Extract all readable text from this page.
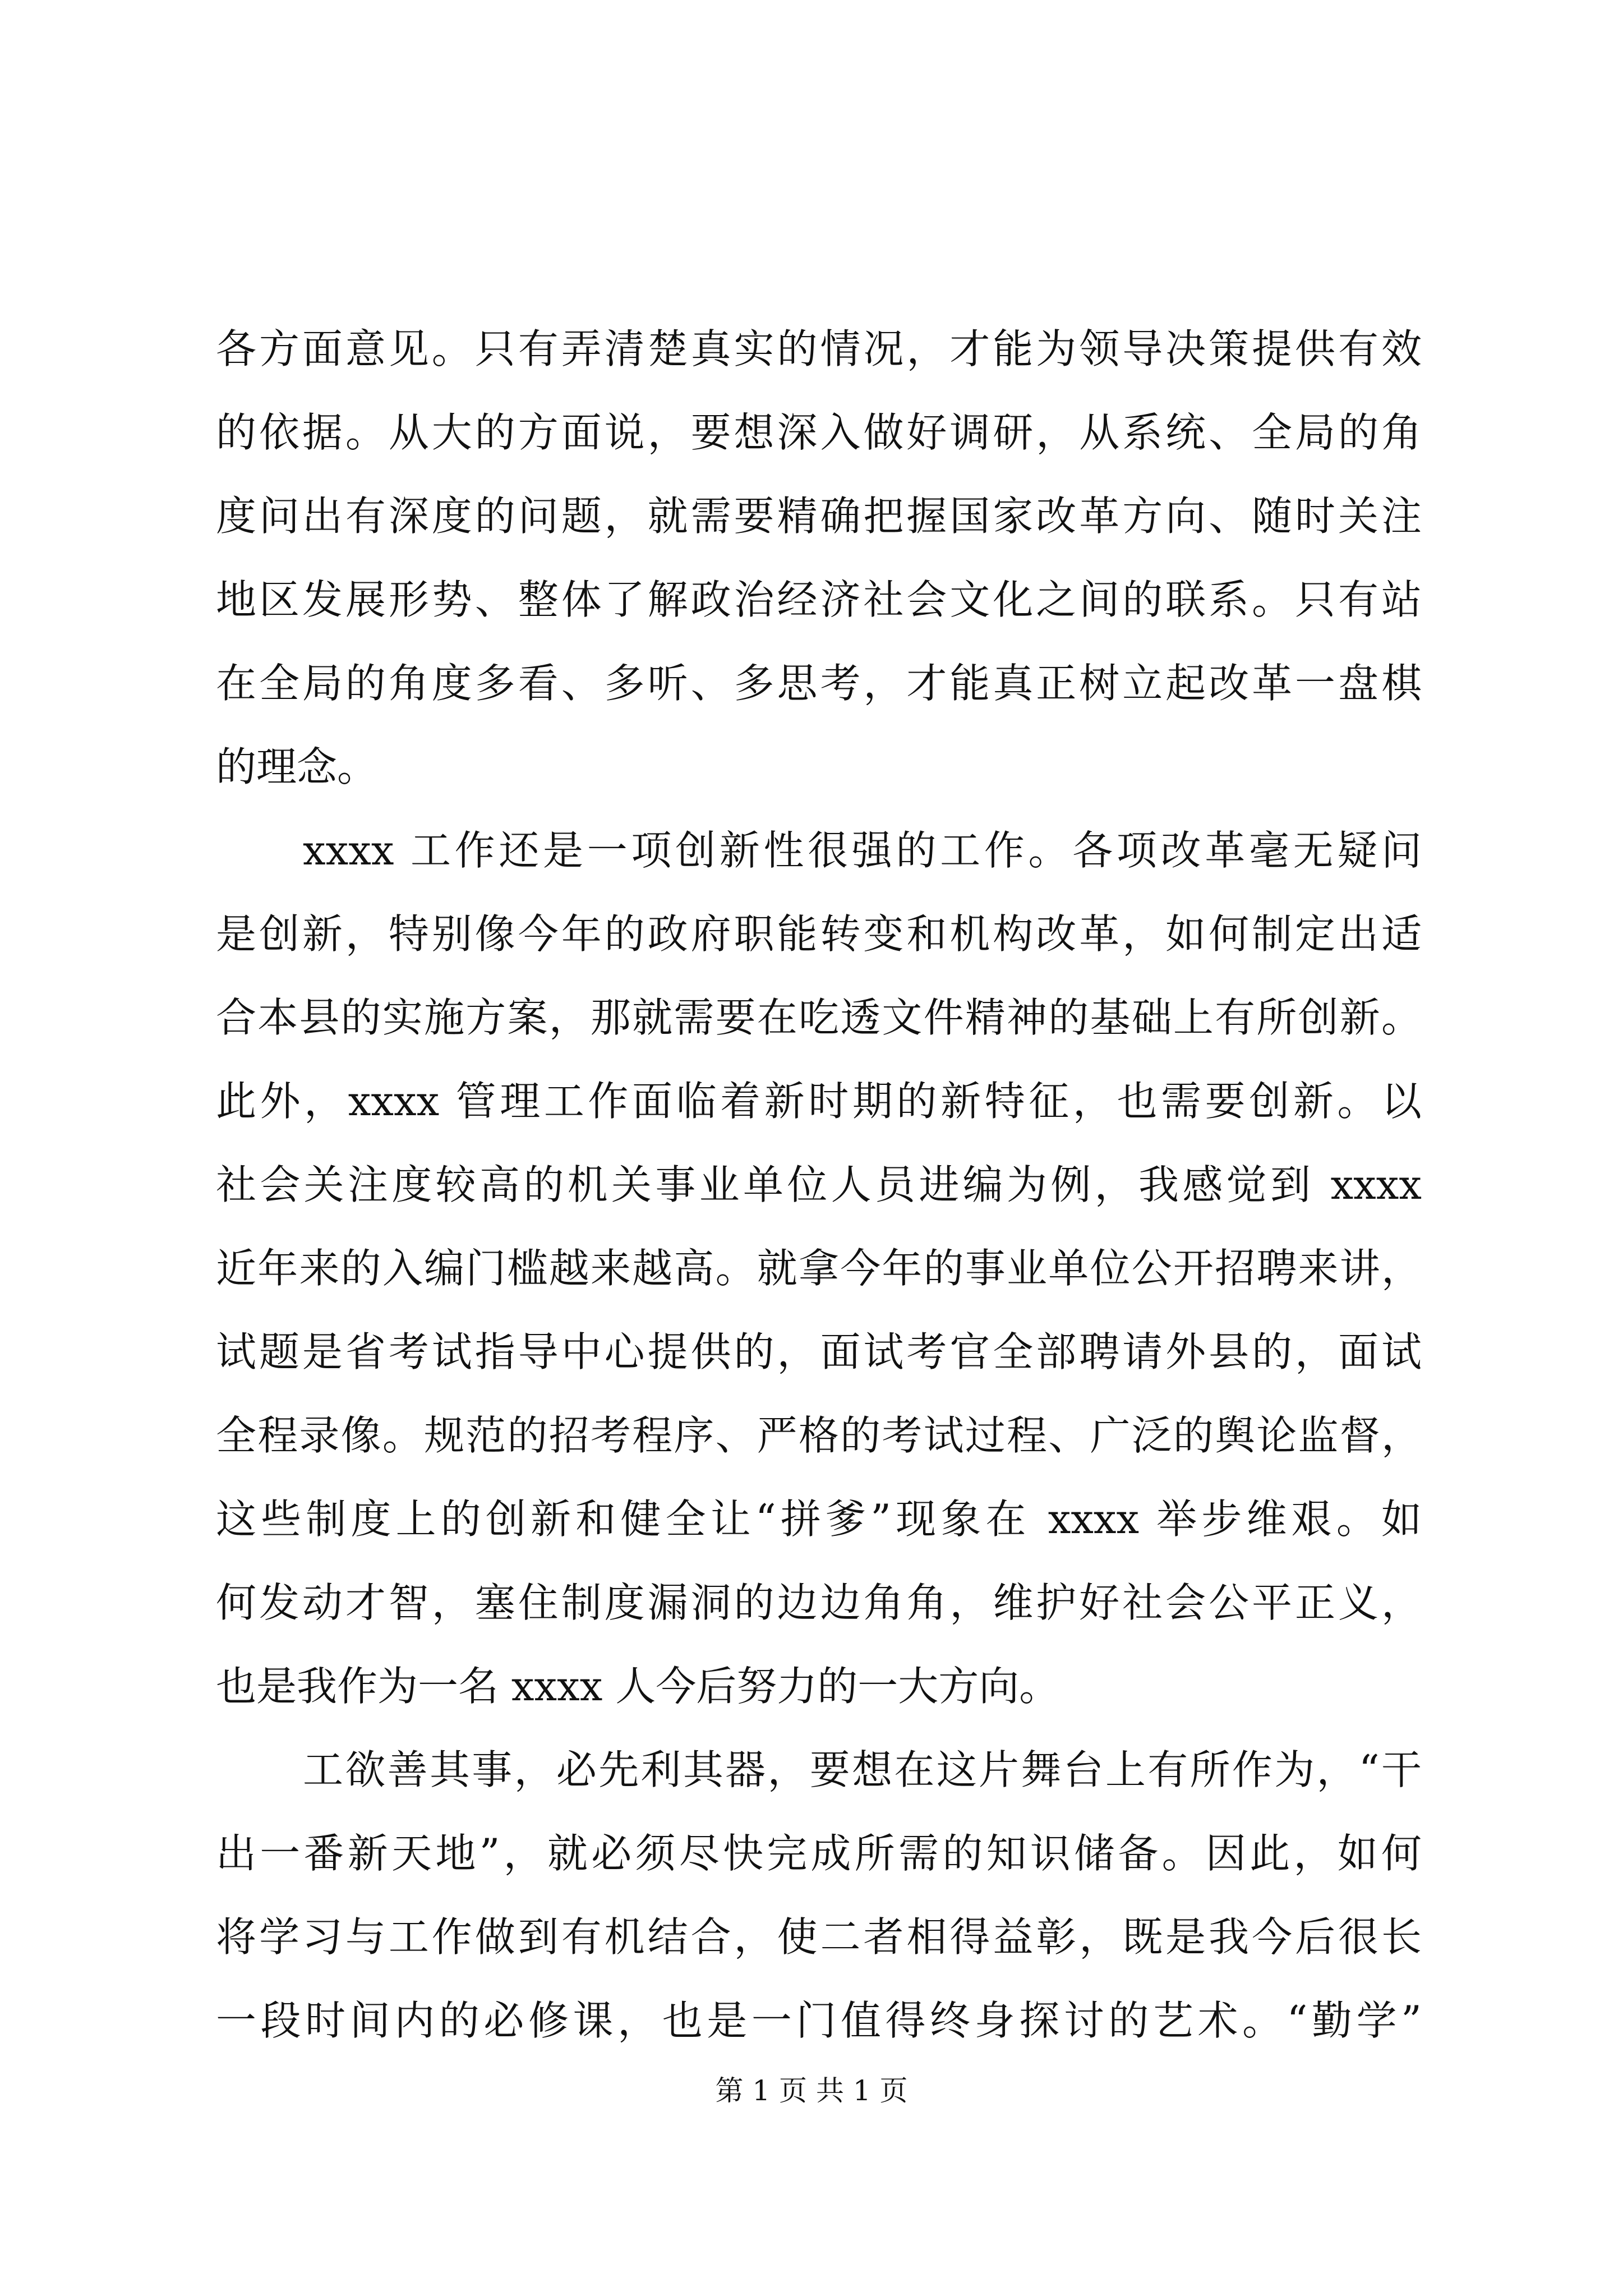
各方面意见。只有弄清楚真实的情况，才能为领导决策提供有效
的依据。从大的方面说，要想深入做好调研，从系统、全局的角
度问出有深度的问题，就需要精确把握国家改革方向、随时关注
地区发展形势、整体了解政治经济社会文化之间的联系。只有站
在全局的角度多看、多听、多思考，才能真正树立起改革一盘棋
的理念。
xxxx 工作还是一项创新性很强的工作。各项改革毫无疑问
是创新，特别像今年的政府职能转变和机构改革，如何制定出适
合本县的实施方案，那就需要在吃透文件精神的基础上有所创新。
此外，xxxx 管理工作面临着新时期的新特征，也需要创新。以
社会关注度较高的机关事业单位人员进编为例，我感觉到 xxxx
近年来的入编门槛越来越高。就拿今年的事业单位公开招聘来讲，
试题是省考试指导中心提供的，面试考官全部聘请外县的，面试
全程录像。规范的招考程序、严格的考试过程、广泛的舆论监督，
这些制度上的创新和健全让“拼爹”现象在 xxxx 举步维艰。如
何发动才智，塞住制度漏洞的边边角角，维护好社会公平正义，
也是我作为一名 xxxx 人今后努力的一大方向。
工欲善其事，必先利其器，要想在这片舞台上有所作为，“干
出一番新天地”，就必须尽快完成所需的知识储备。因此，如何
将学习与工作做到有机结合，使二者相得益彰，既是我今后很长
一段时间内的必修课，也是一门值得终身探讨的艺术。“勤学”
第 1 页 共 1 页
